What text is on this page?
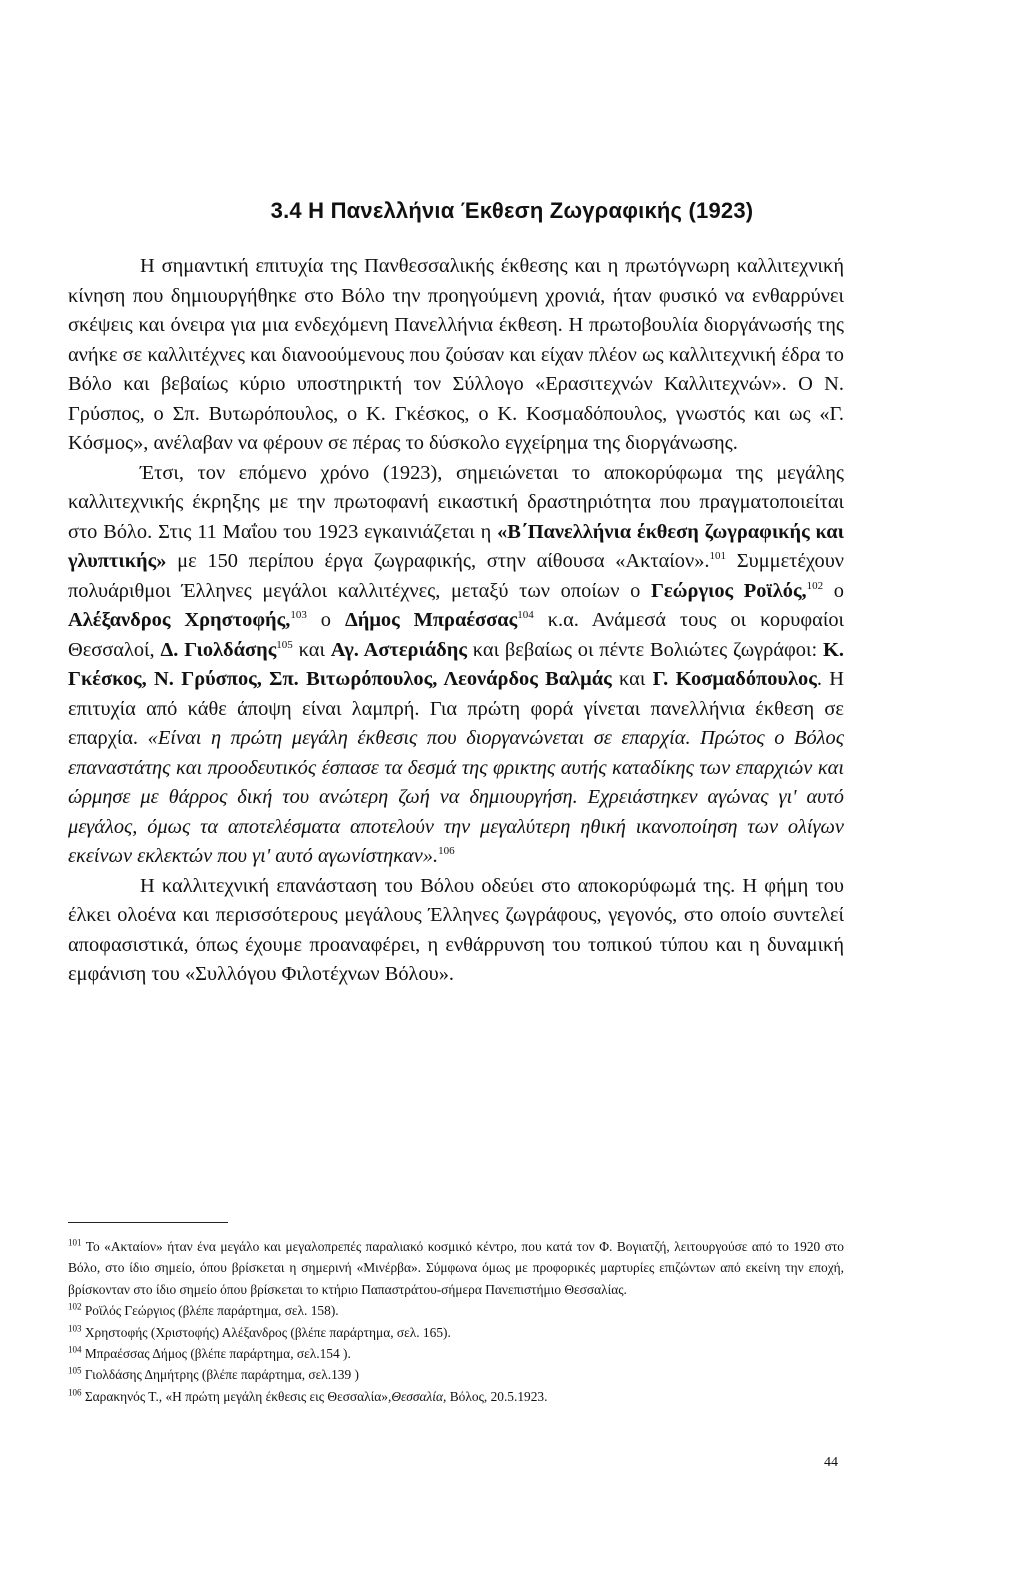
3.4 Η Πανελλήνια Έκθεση Ζωγραφικής (1923)

Η σημαντική επιτυχία της Πανθεσσαλικής έκθεσης και η πρωτόγνωρη καλλιτεχνική κίνηση που δημιουργήθηκε στο Βόλο την προηγούμενη χρονιά, ήταν φυσικό να ενθαρρύνει σκέψεις και όνειρα για μια ενδεχόμενη Πανελλήνια έκθεση. Η πρωτοβουλία διοργάνωσής της ανήκε σε καλλιτέχνες και διανοούμενους που ζούσαν και είχαν πλέον ως καλλιτεχνική έδρα το Βόλο και βεβαίως κύριο υποστηρικτή τον Σύλλογο «Ερασιτεχνών Καλλιτεχνών». Ο Ν. Γρύσπος, ο Σπ. Βυτωρόπουλος, ο Κ. Γκέσκος, ο Κ. Κοσμαδόπουλος, γνωστός και ως «Γ. Κόσμος», ανέλαβαν να φέρουν σε πέρας το δύσκολο εγχείρημα της διοργάνωσης.

Έτσι, τον επόμενο χρόνο (1923), σημειώνεται το αποκορύφωμα της μεγάλης καλλιτεχνικής έκρηξης με την πρωτοφανή εικαστική δραστηριότητα που πραγματοποιείται στο Βόλο. Στις 11 Μαΐου του 1923 εγκαινιάζεται η «Β΄Πανελλήνια έκθεση ζωγραφικής και γλυπτικής» με 150 περίπου έργα ζωγραφικής, στην αίθουσα «Ακταίον».$^{101}$ Συμμετέχουν πολυάριθμοι Έλληνες μεγάλοι καλλιτέχνες, μεταξύ των οποίων ο Γεώργιος Ροϊλός,$^{102}$ ο Αλέξανδρος Χρηστοφής,$^{103}$ ο Δήμος Μπραέσσας$^{104}$ κ.α. Ανάμεσά τους οι κορυφαίοι Θεσσαλοί, Δ. Γιολδάσης$^{105}$ και Αγ. Αστεριάδης και βεβαίως οι πέντε Βολιώτες ζωγράφοι: Κ. Γκέσκος, Ν. Γρύσπος, Σπ. Βιτωρόπουλος, Λεονάρδος Βαλμάς και Γ. Κοσμαδόπουλος. Η επιτυχία από κάθε άποψη είναι λαμπρή. Για πρώτη φορά γίνεται πανελλήνια έκθεση σε επαρχία. «Είναι η πρώτη μεγάλη έκθεσις που διοργανώνεται σε επαρχία. Πρώτος ο Βόλος επαναστάτης και προοδευτικός έσπασε τα δεσμά της φρικτης αυτής καταδίκης των επαρχιών και ώρμησε με θάρρος δική του ανώτερη ζωή να δημιουργήση. Εχρειάστηκεν αγώνας γι' αυτό μεγάλος, όμως τα αποτελέσματα αποτελούν την μεγαλύτερη ηθική ικανοποίηση των ολίγων εκείνων εκλεκτών που γι' αυτό αγωνίστηκαν».$^{106}$

Η καλλιτεχνική επανάσταση του Βόλου οδεύει στο αποκορύφωμά της. Η φήμη του έλκει ολοένα και περισσότερους μεγάλους Έλληνες ζωγράφους, γεγονός, στο οποίο συντελεί αποφασιστικά, όπως έχουμε προαναφέρει, η ενθάρρυνση του τοπικού τύπου και η δυναμική εμφάνιση του «Συλλόγου Φιλοτέχνων Βόλου».

$^{101}$ Το «Ακταίον» ήταν ένα μεγάλο και μεγαλοπρεπές παραλιακό κοσμικό κέντρο, που κατά τον Φ. Βογιατζή, λειτουργούσε από το 1920 στο Βόλο, στο ίδιο σημείο, όπου βρίσκεται η σημερινή «Μινέρβα». Σύμφωνα όμως με προφορικές μαρτυρίες επιζώντων από εκείνη την εποχή, βρίσκονταν στο ίδιο σημείο όπου βρίσκεται το κτήριο Παπαστράτου-σήμερα Πανεπιστήμιο Θεσσαλίας.

$^{102}$ Ροϊλός Γεώργιος (βλέπε παράρτημα, σελ. 158).

$^{103}$ Χρηστοφής (Χριστοφής) Αλέξανδρος (βλέπε παράρτημα, σελ. 165).

$^{104}$ Μπραέσσας Δήμος (βλέπε παράρτημα, σελ.154 ).

$^{105}$ Γιολδάσης Δημήτρης (βλέπε παράρτημα, σελ.139 )

$^{106}$ Σαρακηνός Τ., «Η πρώτη μεγάλη έκθεσις εις Θεσσαλία»,Θεσσαλία, Βόλος, 20.5.1923.

44
